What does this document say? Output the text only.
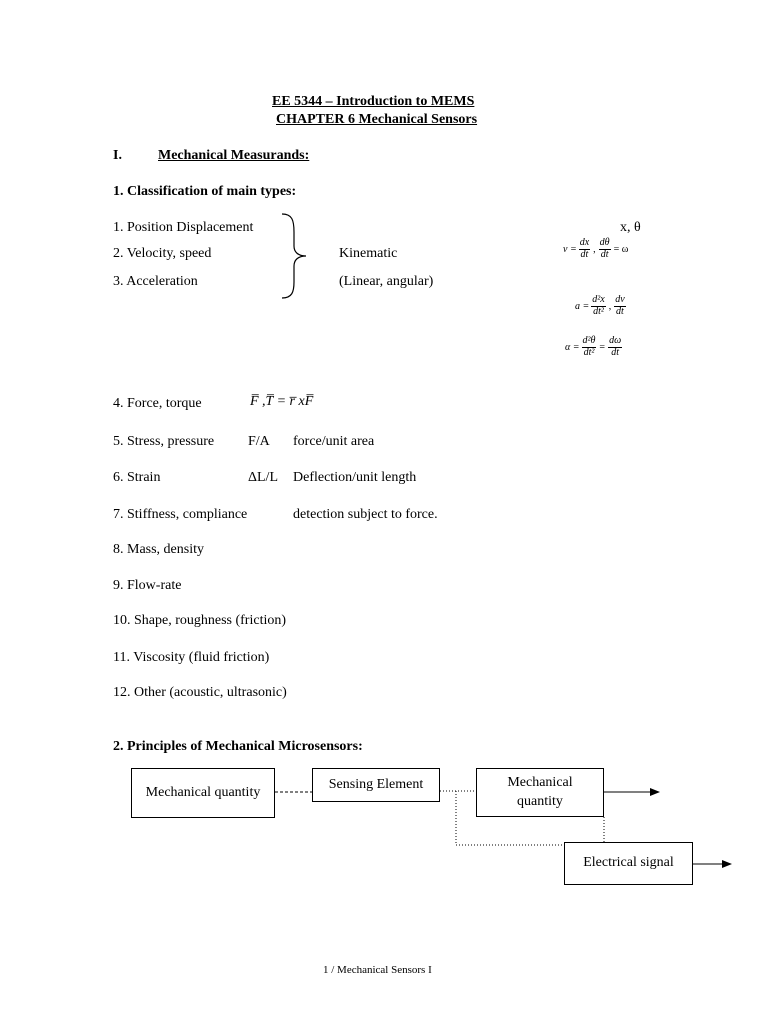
EE 5344 – Introduction to MEMS
CHAPTER 6 Mechanical Sensors
I.	Mechanical Measurands:
1. Classification of main types:
1. Position Displacement
2. Velocity, speed
3. Acceleration
Kinematic
(Linear, angular)
x, θ
$v = \frac{dx}{dt}$ , $\frac{d\theta}{dt} = \omega$
$a = \frac{\text{d²x}}{\text{dt²}}$ , $\frac{dv}{dt}$
$\alpha = \frac{\text{d²θ}}{\text{dt²}} = \frac{d\omega}{dt}$
4. Force, torque	F̅ ,T̅ = r̅ xF̅
5. Stress, pressure F/A force/unit area
6. Strain	ΔL/L Deflection/unit length
7. Stiffness, compliance	detection subject to force.
8. Mass, density
9. Flow-rate
10. Shape, roughness (friction)
11. Viscosity (fluid friction)
12. Other (acoustic, ultrasonic)
2. Principles of Mechanical Microsensors:
Mechanical quantity
Sensing Element	Mechanical quantity
Electrical signal
1 / Mechanical Sensors I
